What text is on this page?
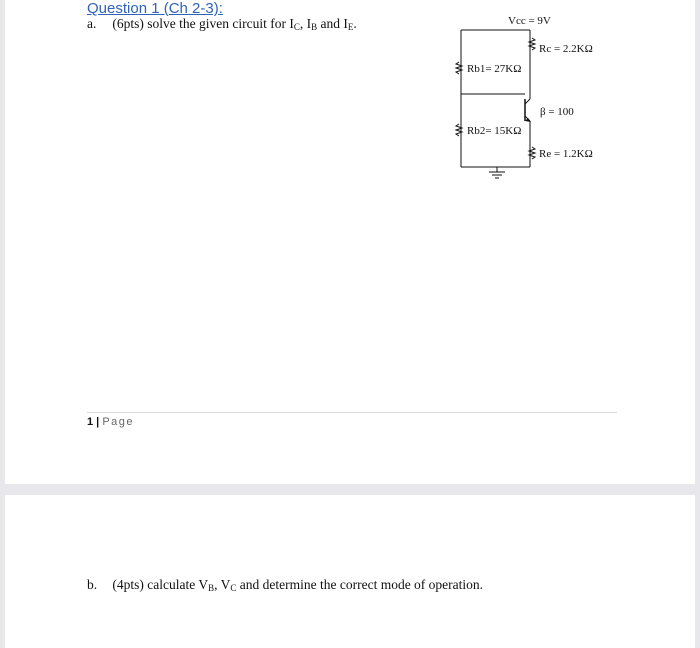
Question 1 (Ch 2-3):
a. (6pts) solve the given circuit for $I_C$, $I_B$ and $I_E$.	Vcc = 9V
Rc = 2.2KΩ
Rb1= 27KΩ
β = 100
Rb2= 15KΩ
Re = 1.2KΩ
1 | Page
b. (4pts) calculate $V_B$, $V_C$ and determine the correct mode of operation.
